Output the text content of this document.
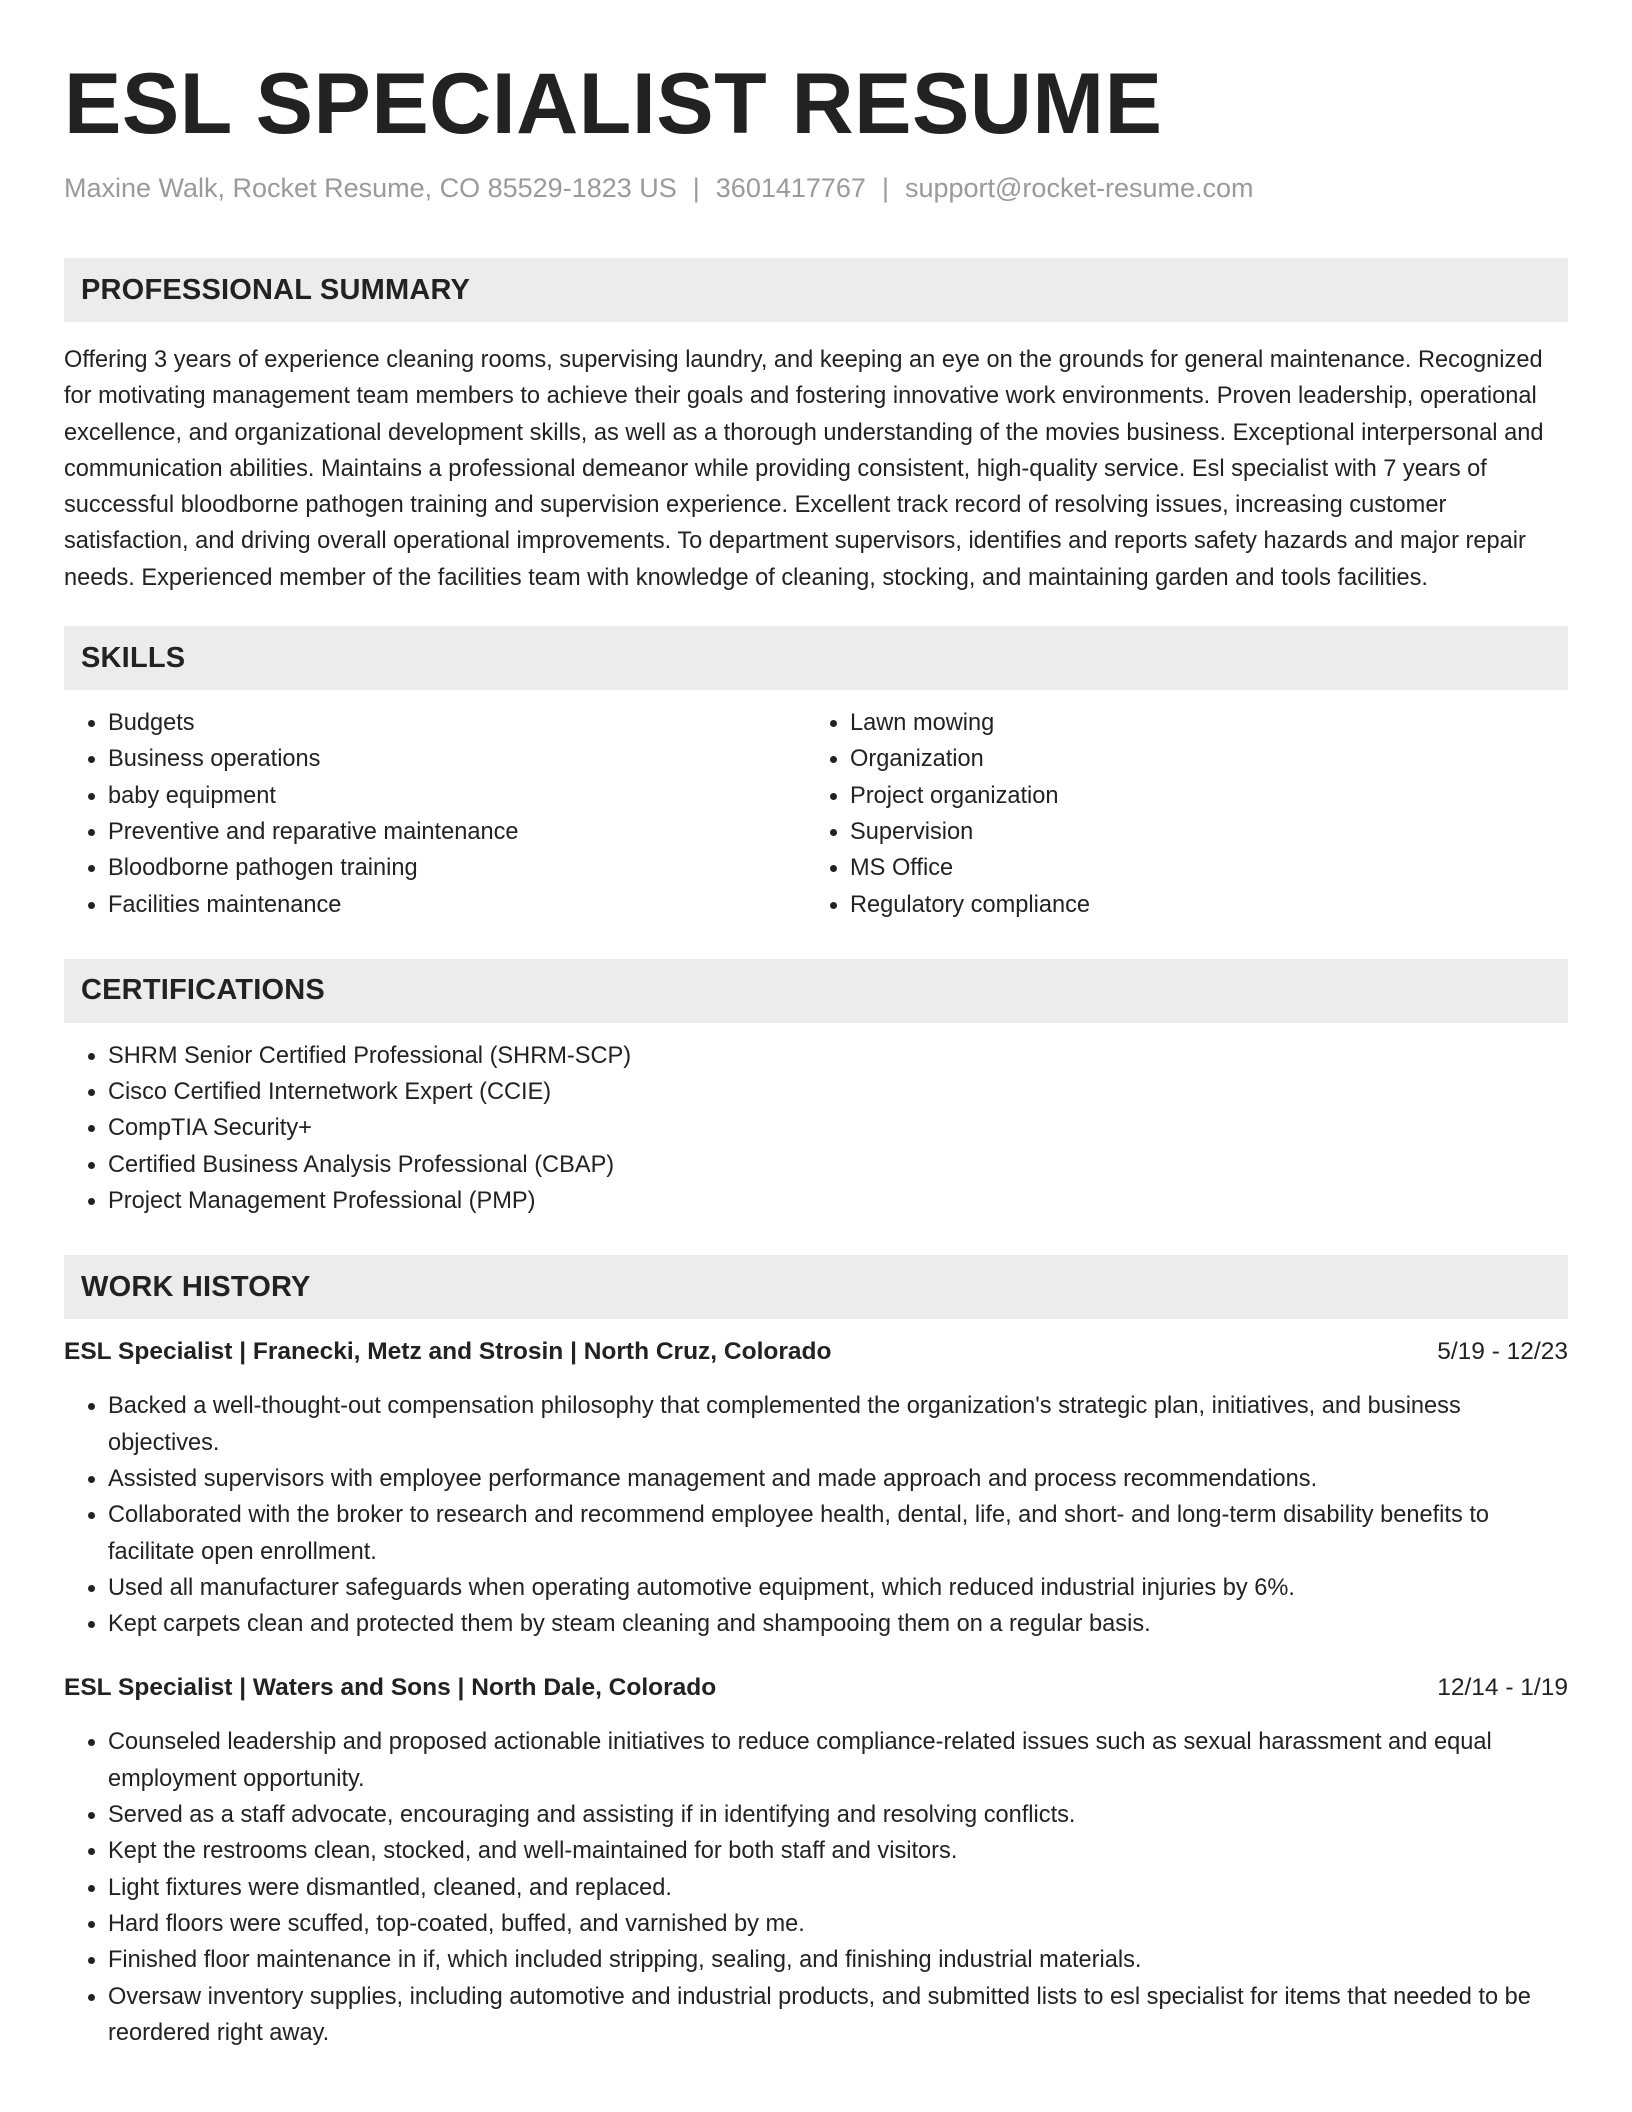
ESL SPECIALIST RESUME
Maxine Walk, Rocket Resume, CO 85529-1823 US | 3601417767 | support@rocket-resume.com
PROFESSIONAL SUMMARY

Offering 3 years of experience cleaning rooms, supervising laundry, and keeping an eye on the grounds for general maintenance. Recognized for motivating management team members to achieve their goals and fostering innovative work environments. Proven leadership, operational excellence, and organizational development skills, as well as a thorough understanding of the movies business. Exceptional interpersonal and communication abilities. Maintains a professional demeanor while providing consistent, high-quality service. Esl specialist with 7 years of successful bloodborne pathogen training and supervision experience. Excellent track record of resolving issues, increasing customer satisfaction, and driving overall operational improvements. To department supervisors, identifies and reports safety hazards and major repair needs. Experienced member of the facilities team with knowledge of cleaning, stocking, and maintaining garden and tools facilities.

SKILLS
• Budgets
• Business operations
• baby equipment
• Preventive and reparative maintenance
• Bloodborne pathogen training
• Facilities maintenance
• Lawn mowing
• Organization
• Project organization
• Supervision
• MS Office
• Regulatory compliance
CERTIFICATIONS
• SHRM Senior Certified Professional (SHRM-SCP)
• Cisco Certified Internetwork Expert (CCIE)
• CompTIA Security+
• Certified Business Analysis Professional (CBAP)
• Project Management Professional (PMP)
WORK HISTORY
ESL Specialist | Franecki, Metz and Strosin | North Cruz, Colorado	5/19 - 12/23
• Backed a well-thought-out compensation philosophy that complemented the organization's strategic plan, initiatives, and business objectives.
• Assisted supervisors with employee performance management and made approach and process recommendations.
• Collaborated with the broker to research and recommend employee health, dental, life, and short- and long-term disability benefits to facilitate open enrollment.
• Used all manufacturer safeguards when operating automotive equipment, which reduced industrial injuries by 6%.
• Kept carpets clean and protected them by steam cleaning and shampooing them on a regular basis.
ESL Specialist | Waters and Sons | North Dale, Colorado	12/14 - 1/19
• Counseled leadership and proposed actionable initiatives to reduce compliance-related issues such as sexual harassment and equal employment opportunity.
• Served as a staff advocate, encouraging and assisting if in identifying and resolving conflicts.
• Kept the restrooms clean, stocked, and well-maintained for both staff and visitors.
• Light fixtures were dismantled, cleaned, and replaced.
• Hard floors were scuffed, top-coated, buffed, and varnished by me.
• Finished floor maintenance in if, which included stripping, sealing, and finishing industrial materials.
• Oversaw inventory supplies, including automotive and industrial products, and submitted lists to esl specialist for items that needed to be reordered right away.
